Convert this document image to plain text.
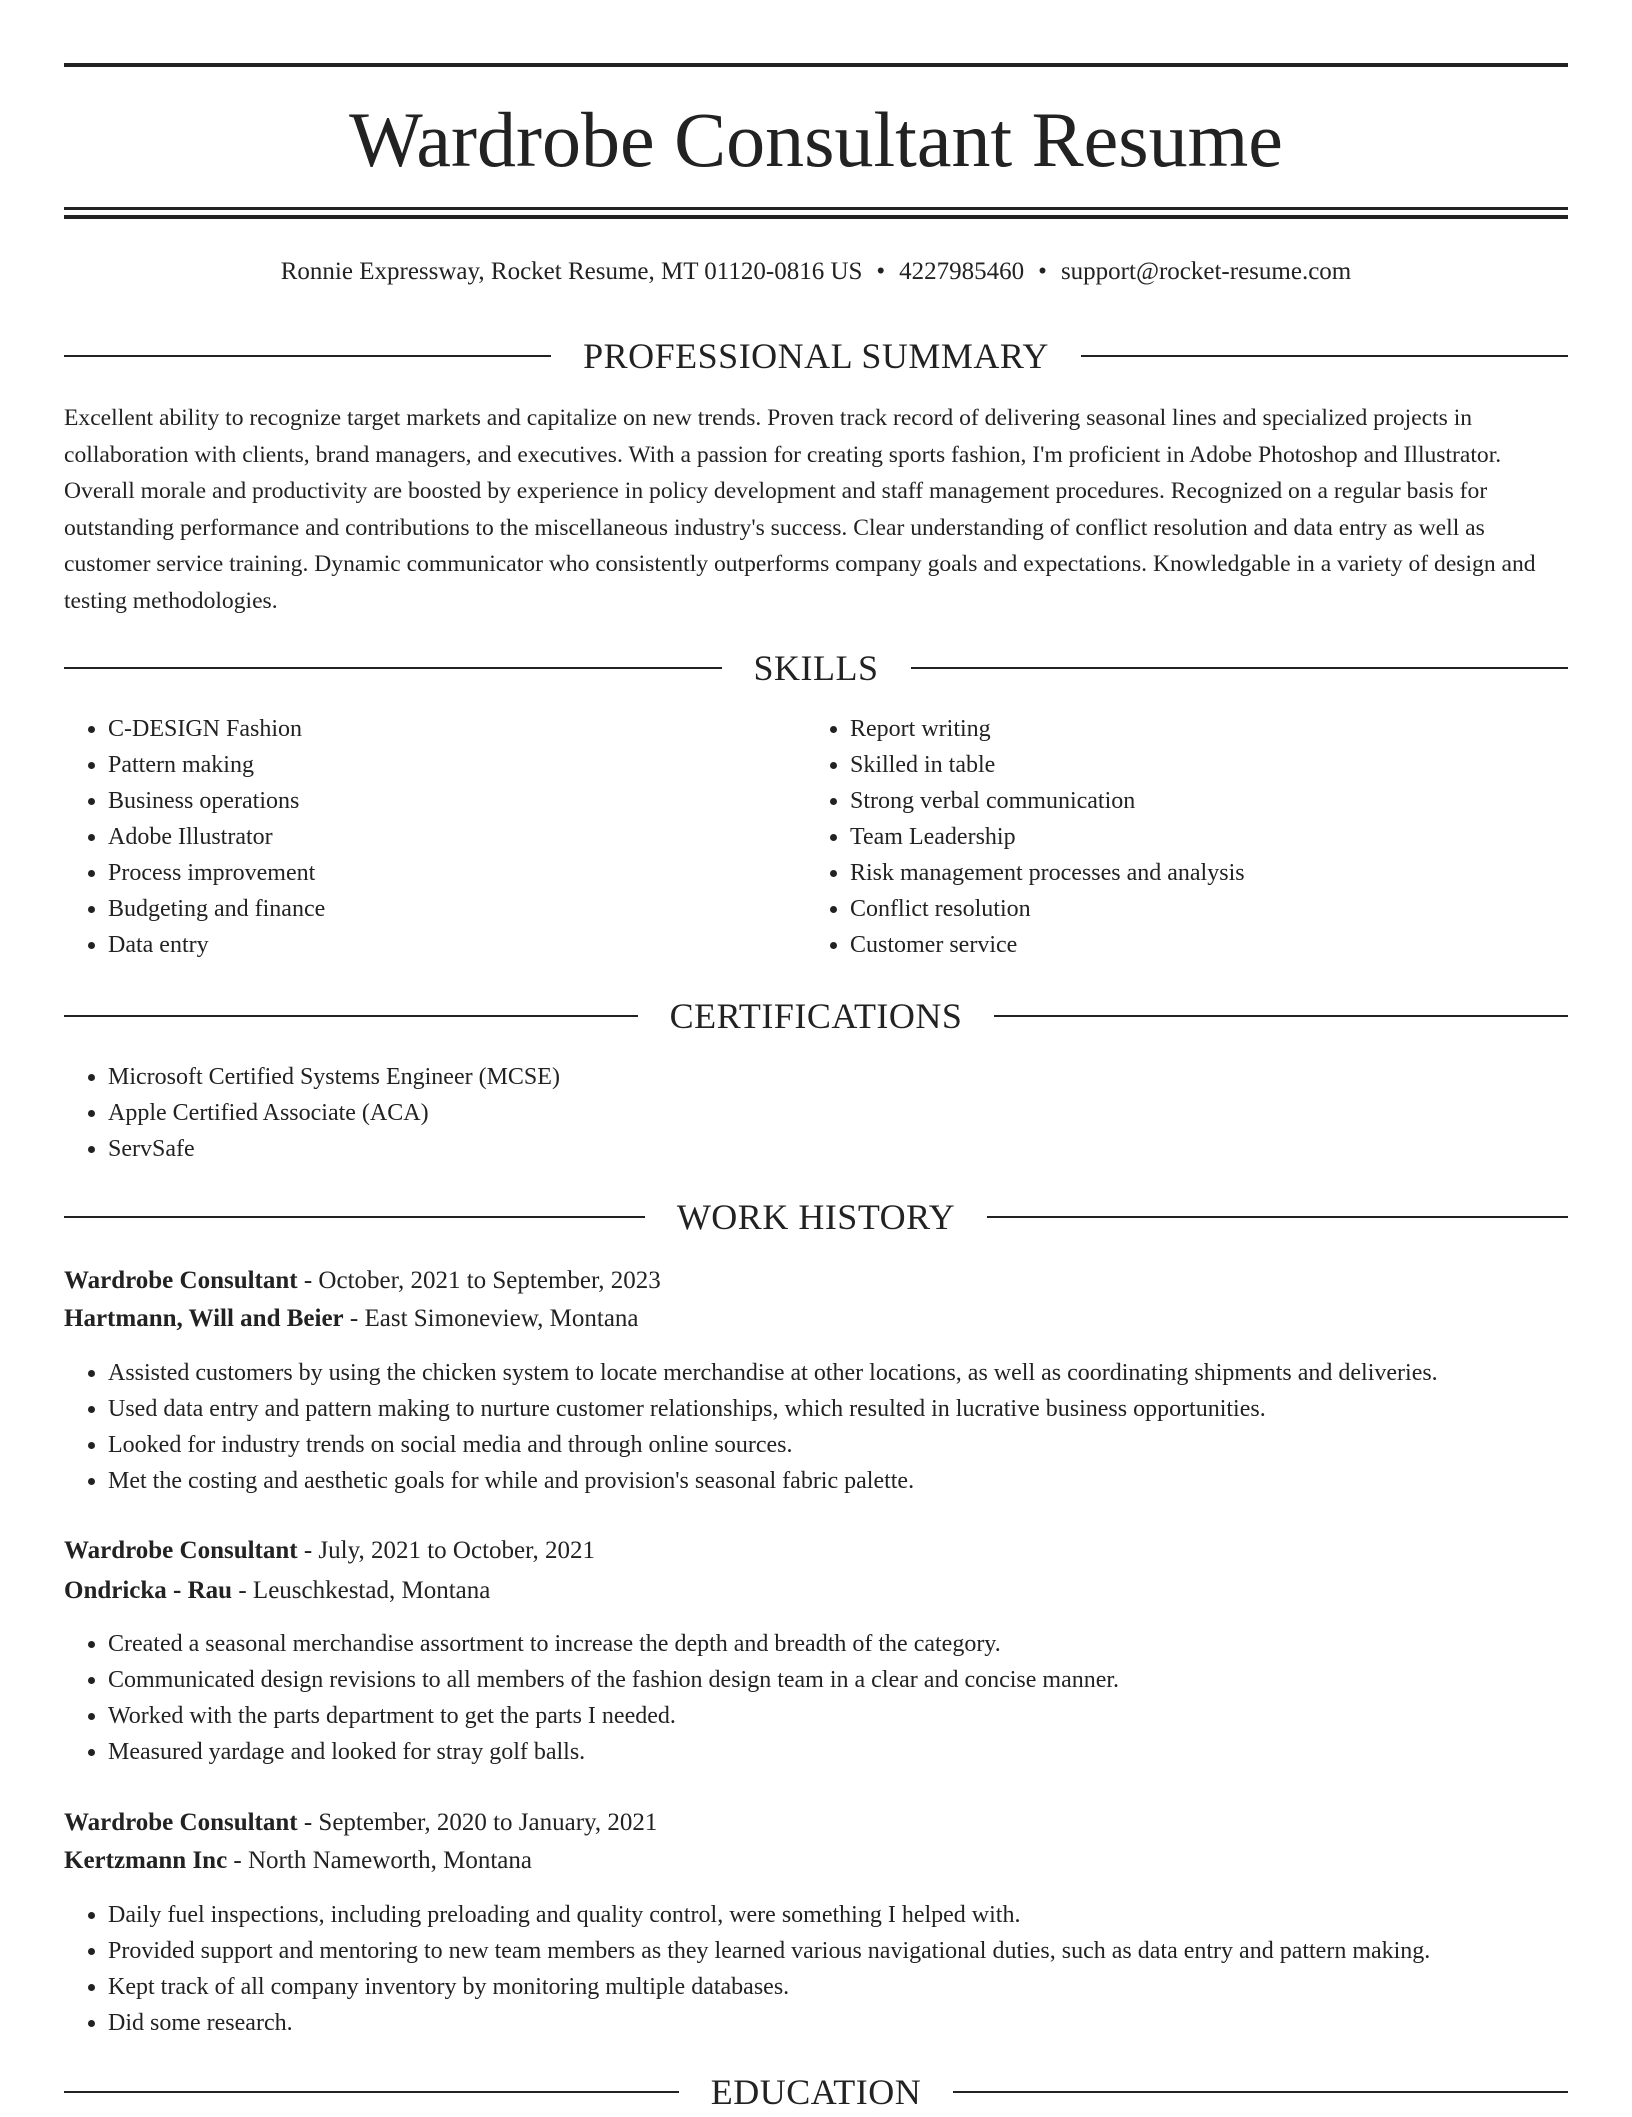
Wardrobe Consultant Resume
Ronnie Expressway, Rocket Resume, MT 01120-0816 US • 4227985460 • support@rocket-resume.com
PROFESSIONAL SUMMARY

Excellent ability to recognize target markets and capitalize on new trends. Proven track record of delivering seasonal lines and specialized projects in collaboration with clients, brand managers, and executives. With a passion for creating sports fashion, I'm proficient in Adobe Photoshop and Illustrator. Overall morale and productivity are boosted by experience in policy development and staff management procedures. Recognized on a regular basis for outstanding performance and contributions to the miscellaneous industry's success. Clear understanding of conflict resolution and data entry as well as customer service training. Dynamic communicator who consistently outperforms company goals and expectations. Knowledgable in a variety of design and testing methodologies.

SKILLS
• C-DESIGN Fashion
• Pattern making
• Business operations
• Adobe Illustrator
• Process improvement
• Budgeting and finance
• Data entry
• Report writing
• Skilled in table
• Strong verbal communication
• Team Leadership
• Risk management processes and analysis
• Conflict resolution
• Customer service
CERTIFICATIONS
• Microsoft Certified Systems Engineer (MCSE)
• Apple Certified Associate (ACA)
• ServSafe
WORK HISTORY
Wardrobe Consultant - October, 2021 to September, 2023
Hartmann, Will and Beier - East Simoneview, Montana
• Assisted customers by using the chicken system to locate merchandise at other locations, as well as coordinating shipments and deliveries.
• Used data entry and pattern making to nurture customer relationships, which resulted in lucrative business opportunities.
• Looked for industry trends on social media and through online sources.
• Met the costing and aesthetic goals for while and provision's seasonal fabric palette.
Wardrobe Consultant - July, 2021 to October, 2021
Ondricka - Rau - Leuschkestad, Montana
• Created a seasonal merchandise assortment to increase the depth and breadth of the category.
• Communicated design revisions to all members of the fashion design team in a clear and concise manner.
• Worked with the parts department to get the parts I needed.
• Measured yardage and looked for stray golf balls.
Wardrobe Consultant - September, 2020 to January, 2021
Kertzmann Inc - North Nameworth, Montana
• Daily fuel inspections, including preloading and quality control, were something I helped with.
• Provided support and mentoring to new team members as they learned various navigational duties, such as data entry and pattern making.
• Kept track of all company inventory by monitoring multiple databases.
• Did some research.
EDUCATION
